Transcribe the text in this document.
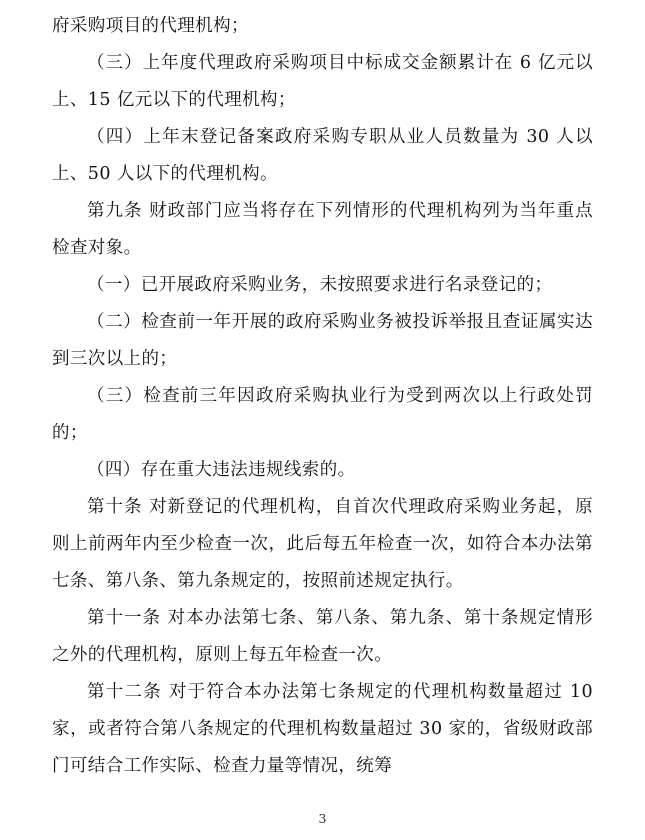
府采购项目的代理机构；

（三）上年度代理政府采购项目中标成交金额累计在 6 亿元以上、15 亿元以下的代理机构；

（四）上年末登记备案政府采购专职从业人员数量为 30 人以上、50 人以下的代理机构。

第九条 财政部门应当将存在下列情形的代理机构列为当年重点检查对象。

（一）已开展政府采购业务，未按照要求进行名录登记的；

（二）检查前一年开展的政府采购业务被投诉举报且查证属实达到三次以上的；

（三）检查前三年因政府采购执业行为受到两次以上行政处罚的；

（四）存在重大违法违规线索的。

第十条 对新登记的代理机构，自首次代理政府采购业务起，原则上前两年内至少检查一次，此后每五年检查一次，如符合本办法第七条、第八条、第九条规定的，按照前述规定执行。

第十一条 对本办法第七条、第八条、第九条、第十条规定情形之外的代理机构，原则上每五年检查一次。

第十二条 对于符合本办法第七条规定的代理机构数量超过 10 家，或者符合第八条规定的代理机构数量超过 30 家的，省级财政部门可结合工作实际、检查力量等情况，统筹

3
